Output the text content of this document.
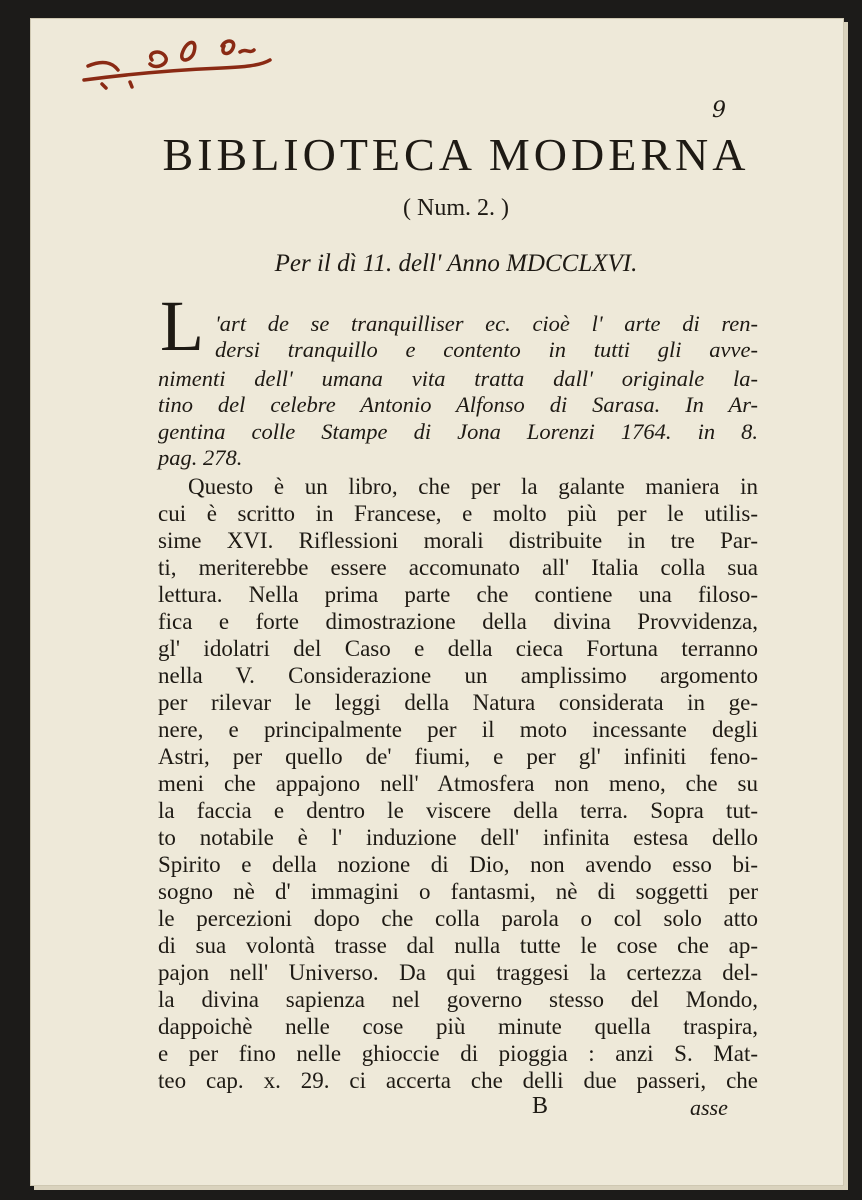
9
BIBLIOTECA MODERNA
( Num. 2. )
Per il dì 11. dell' Anno MDCCLXVI.
L 'art de se tranquilliser ec. cioè l' arte di ren-
dersi tranquillo e contento in tutti gli avve-
nimenti dell' umana vita tratta dall' originale la-
tino del celebre Antonio Alfonso di Sarasa. In Ar-
gentina colle Stampe di Jona Lorenzi 1764. in 8.
pag. 278.
Questo è un libro, che per la galante maniera in
cui è scritto in Francese, e molto più per le utilis-
sime XVI. Riflessioni morali distribuite in tre Par-
ti, meriterebbe essere accomunato all' Italia colla sua
lettura. Nella prima parte che contiene una filoso-
fica e forte dimostrazione della divina Provvidenza,
gl' idolatri del Caso e della cieca Fortuna terranno
nella V. Considerazione un amplissimo argomento
per rilevar le leggi della Natura considerata in ge-
nere, e principalmente per il moto incessante degli
Astri, per quello de' fiumi, e per gl' infiniti feno-
meni che appajono nell' Atmosfera non meno, che su
la faccia e dentro le viscere della terra. Sopra tut-
to notabile è l' induzione dell' infinita estesa dello
Spirito e della nozione di Dio, non avendo esso bi-
sogno nè d' immagini o fantasmi, nè di soggetti per
le percezioni dopo che colla parola o col solo atto
di sua volontà trasse dal nulla tutte le cose che ap-
pajon nell' Universo. Da qui traggesi la certezza del-
la divina sapienza nel governo stesso del Mondo,
dappoichè nelle cose più minute quella traspira,
e per fino nelle ghioccie di pioggia : anzi S. Mat-
teo cap. x. 29. ci accerta che delli due passeri, che
B	asse
